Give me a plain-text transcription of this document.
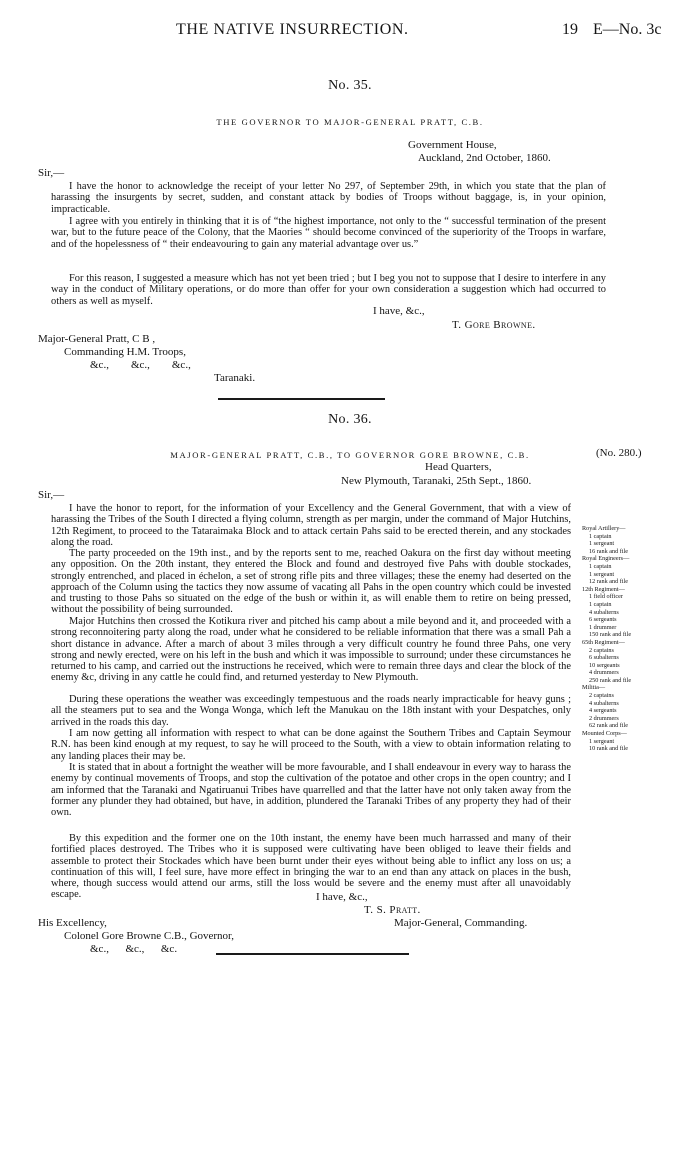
THE NATIVE INSURRECTION.	19 E—No. 3c
No. 35.
THE GOVERNOR TO MAJOR-GENERAL PRATT, C.B.
Government House,
Auckland, 2nd October, 1860.
Sir,—
I have the honor to acknowledge the receipt of your letter No 297, of September 29th, in which you state that the plan of harassing the insurgents by secret, sudden, and constant attack by bodies of Troops without baggage, is, in your opinion, impracticable.
I agree with you entirely in thinking that it is of “the highest importance, not only to the “ successful termination of the present war, but to the future peace of the Colony, that the Maories “ should become convinced of the superiority of the Troops in warfare, and of the hopelessness of “ their endeavouring to gain any material advantage over us.”
For this reason, I suggested a measure which has not yet been tried ; but I beg you not to suppose that I desire to interfere in any way in the conduct of Military operations, or do more than offer for your own consideration a suggestion which had occurred to others as well as myself.
I have, &c.,
T. Gore Browne.
Major-General Pratt, C B ,
Commanding H.M. Troops,
&c.,        &c.,        &c.,
Taranaki.
No. 36.
MAJOR-GENERAL PRATT, C.B., TO GOVERNOR GORE BROWNE, C.B.	(No. 280.)
Head Quarters,
New Plymouth, Taranaki, 25th Sept., 1860.
Sir,—
I have the honor to report, for the information of your Excellency and the General Government, that with a view of harassing the Tribes of the South I directed a flying column, strength as per margin, under the command of Major Hutchins, 12th Regiment, to proceed to the Tataraimaka Block and to attack certain Pahs said to be erected therein, and any stockades along the road.
The party proceeded on the 19th inst., and by the reports sent to me, reached Oakura on the first day without meeting any opposition. On the 20th instant, they entered the Block and found and destroyed five Pahs with double stockades, strongly entrenched, and placed in échelon, a set of strong rifle pits and three villages; these the enemy had deserted on the approach of the Column using the tactics they now assume of vacating all Pahs in the open country which could be invested and trusting to those Pahs so situated on the edge of the bush or within it, as will enable them to retire on being pressed, without the possibility of being surrounded.
Major Hutchins then crossed the Kotikura river and pitched his camp about a mile beyond and it, and proceeded with a strong reconnoitering party along the road, under what he considered to be reliable information that there was a small Pah a short distance in advance. After a march of about 3 miles through a very difficult country he found three Pahs, one very strong and newly erected, were on his left in the bush and which it was impossible to surround; under these circumstances he returned to his camp, and carried out the instructions he received, which were to remain three days and clear the block of the enemy &c, driving in any cattle he could find, and returned yesterday to New Plymouth.
During these operations the weather was exceedingly tempestuous and the roads nearly impracticable for heavy guns ; all the steamers put to sea and the Wonga Wonga, which left the Manukau on the 18th instant with your Despatches, only arrived in the roads this day.
I am now getting all information with respect to what can be done against the Southern Tribes and Captain Seymour R.N. has been kind enough at my request, to say he will proceed to the South, with a view to obtain information relating to any landing places their may be.
It is stated that in about a fortnight the weather will be more favourable, and I shall endeavour in every way to harass the enemy by continual movements of Troops, and stop the cultivation of the potatoe and other crops in the open country; and I am informed that the Taranaki and Ngatiruanui Tribes have quarrelled and that the latter have not only taken away from the former any plunder they had obtained, but have, in addition, plundered the Taranaki Tribes of any property they had of their own.
By this expedition and the former one on the 10th instant, the enemy have been much harrassed and many of their fortified places destroyed. The Tribes who it is supposed were cultivating have been obliged to leave their fields and assemble to protect their Stockades which have been burnt under their eyes without being able to inflict any loss on us; a continuation of this will, I feel sure, have more effect in bringing the war to an end than any attack on places in the bush, where, though success would attend our arms, still the loss would be severe and the enemy must after all unavoidably escape.	I have, &c.,
T. S. Pratt.
Major-General, Commanding.
His Excellency,
Colonel Gore Browne C.B., Governor,
&c.,      &c.,      &c.
Royal Artillery—
1 captain
1 sergeant
16 rank and file
Royal Engineers—
1 captain
1 sergeant
12 rank and file
12th Regiment—
1 field officer
1 captain
4 subalterns
6 sergeants
1 drummer
150 rank and file
65th Regiment—
2 captains
6 subalterns
10 sergeants
4 drummers
250 rank and file
Militia—
2 captains
4 subalterns
4 sergeants
2 drummers
62 rank and file
Mounted Corps—
1 sergeant
10 rank and file
